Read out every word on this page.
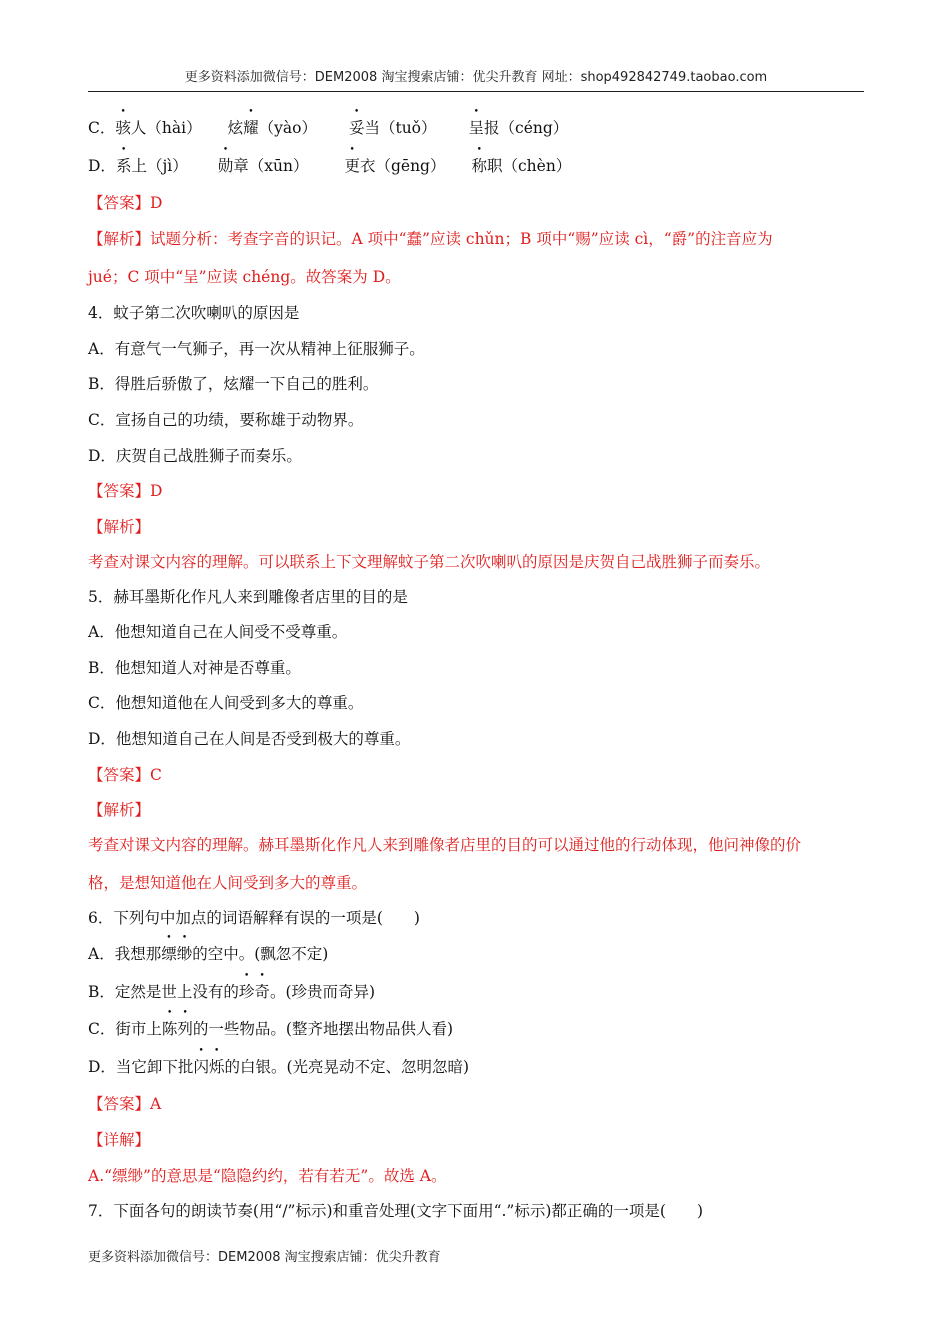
更多资料添加微信号：DEM2008 淘宝搜索店铺：优尖升教育 网址：shop492842749.taobao.com
C．骇人（hài） 炫耀（yào） 妥当（tuǒ） 呈报（céng）
D．系上（jì） 勋章（xūn） 更衣（gēng） 称职（chèn）
【答案】D
【解析】试题分析：考查字音的识记。A 项中“蠢”应读 chǔn；B 项中“赐”应读 cì，“爵”的注音应为
jué；C 项中“呈”应读 chéng。故答案为 D。
4．蚊子第二次吹喇叭的原因是
A．有意气一气狮子，再一次从精神上征服狮子。
B．得胜后骄傲了，炫耀一下自己的胜利。
C．宣扬自己的功绩，要称雄于动物界。
D．庆贺自己战胜狮子而奏乐。
【答案】D
【解析】
考查对课文内容的理解。可以联系上下文理解蚊子第二次吹喇叭的原因是庆贺自己战胜狮子而奏乐。
5．赫耳墨斯化作凡人来到雕像者店里的目的是
A．他想知道自己在人间受不受尊重。
B．他想知道人对神是否尊重。
C．他想知道他在人间受到多大的尊重。
D．他想知道自己在人间是否受到极大的尊重。
【答案】C
【解析】
考查对课文内容的理解。赫耳墨斯化作凡人来到雕像者店里的目的可以通过他的行动体现，他问神像的价
格，是想知道他在人间受到多大的尊重。
6．下列句中加点的词语解释有误的一项是(　　)
A．我想那缥缈的空中。(飘忽不定)
B．定然是世上没有的珍奇。(珍贵而奇异)
C．街市上陈列的一些物品。(整齐地摆出物品供人看)
D．当它卸下批闪烁的白银。(光亮晃动不定、忽明忽暗)
【答案】A
【详解】
A.“缥缈”的意思是“隐隐约约，若有若无”。故选 A。
7．下面各句的朗读节奏(用“/”标示)和重音处理(文字下面用“.”标示)都正确的一项是(　　)
更多资料添加微信号：DEM2008 淘宝搜索店铺：优尖升教育
